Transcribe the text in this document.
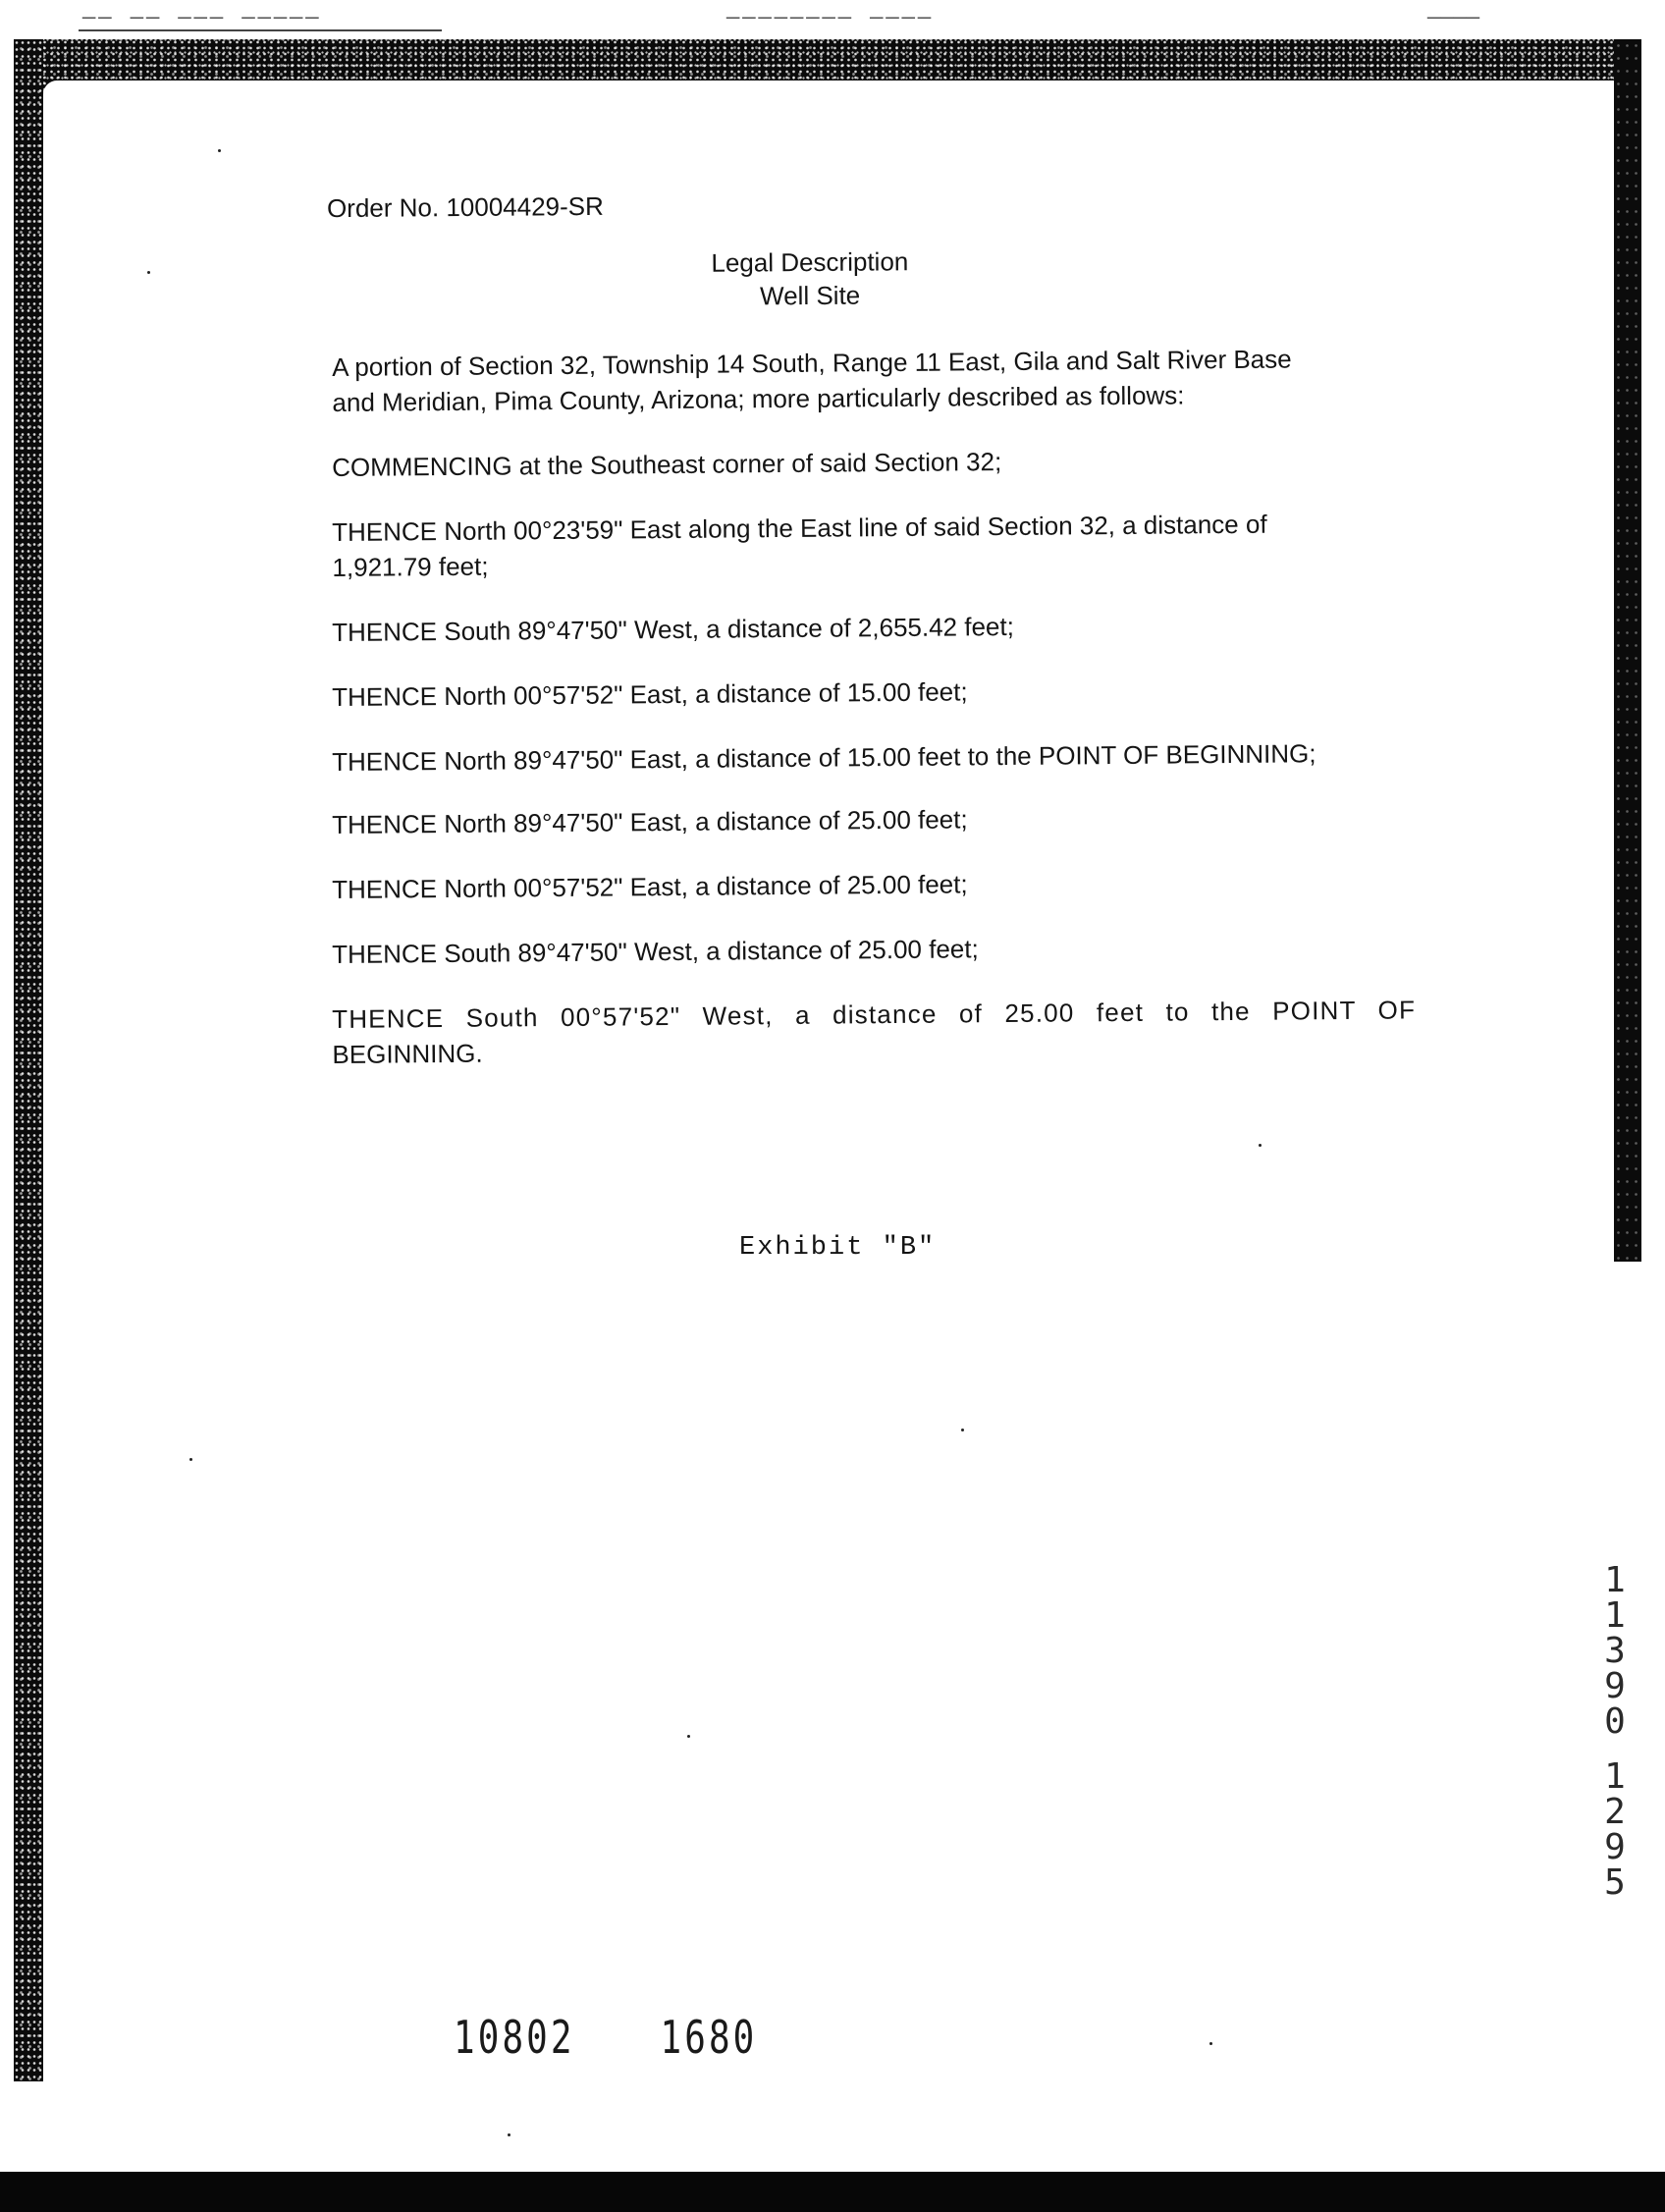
▁▁ ▁▁ ▁▁▁ ▁▁▁▁▁	▁▁▁▁▁▁▁▁ ▁▁▁▁	▁▁▁▁
Order No. 10004429-SR
Legal Description
Well Site
A portion of Section 32, Township 14 South, Range 11 East, Gila and Salt River Base
and Meridian, Pima County, Arizona; more particularly described as follows:
COMMENCING at the Southeast corner of said Section 32;
THENCE North 00°23'59" East along the East line of said Section 32, a distance of
1,921.79 feet;
THENCE South 89°47'50" West, a distance of 2,655.42 feet;
THENCE North 00°57'52" East, a distance of 15.00 feet;
THENCE North 89°47'50" East, a distance of 15.00 feet to the POINT OF BEGINNING;
THENCE North 89°47'50" East, a distance of 25.00 feet;
THENCE North 00°57'52" East, a distance of 25.00 feet;
THENCE South 89°47'50" West, a distance of 25.00 feet;
THENCE South 00°57'52" West, a distance of 25.00 feet to the POINT OF
BEGINNING.
Exhibit "B"
10802 1680
1
1
3
9
0
1
2
9
5
